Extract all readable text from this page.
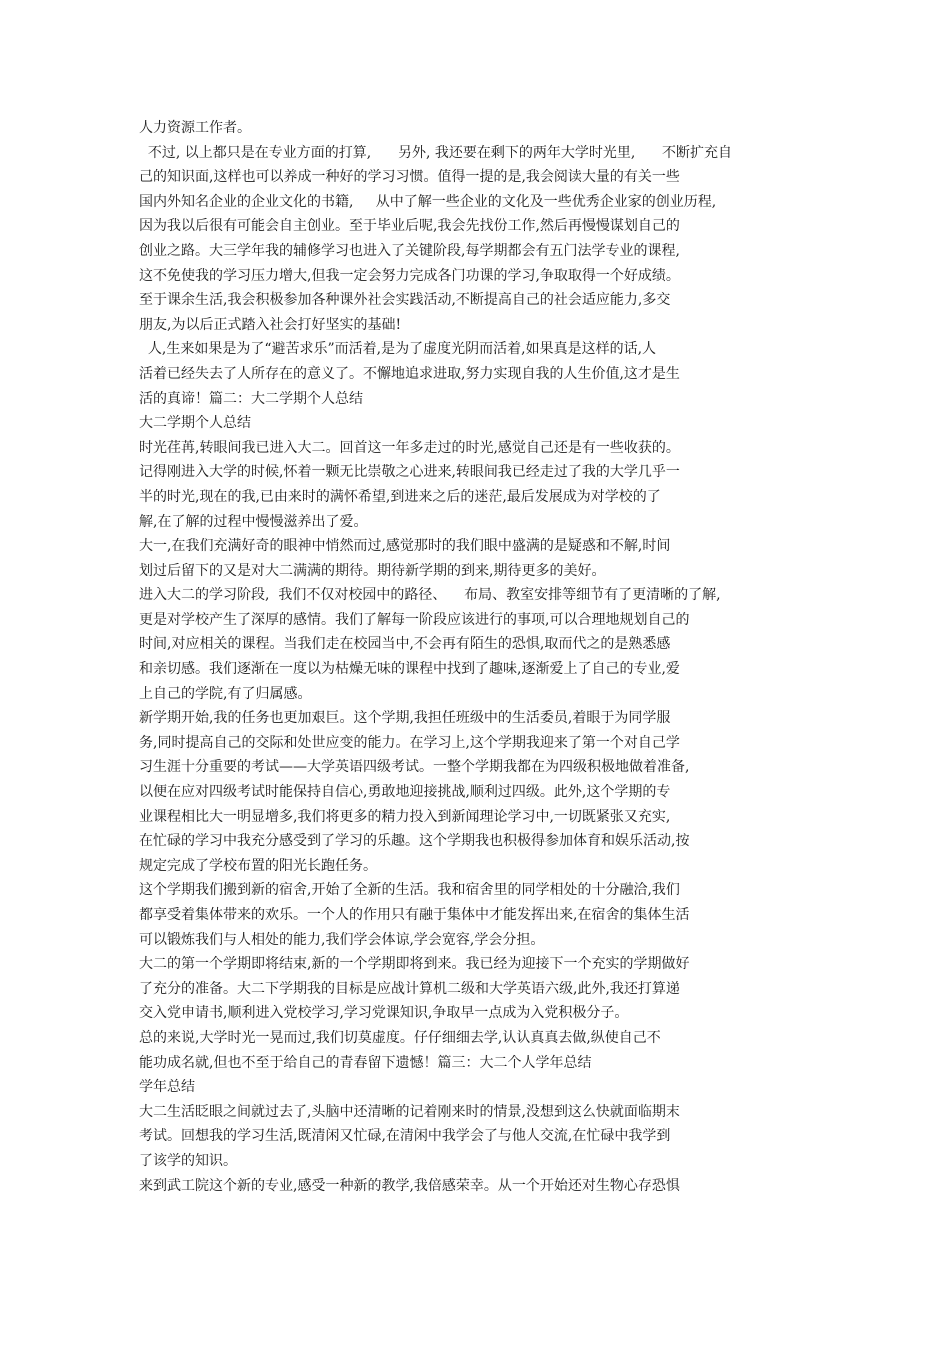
人力资源工作者。
不过, 以上都只是在专业方面的打算,      另外, 我还要在剩下的两年大学时光里,      不断扩充自
己的知识面,这样也可以养成一种好的学习习惯。值得一提的是,我会阅读大量的有关一些
国内外知名企业的企业文化的书籍,     从中了解一些企业的文化及一些优秀企业家的创业历程,
因为我以后很有可能会自主创业。至于毕业后呢,我会先找份工作,然后再慢慢谋划自己的
创业之路。大三学年我的辅修学习也进入了关键阶段,每学期都会有五门法学专业的课程,
这不免使我的学习压力增大,但我一定会努力完成各门功课的学习,争取取得一个好成绩。
至于课余生活,我会积极参加各种课外社会实践活动,不断提高自己的社会适应能力,多交
朋友,为以后正式踏入社会打好坚实的基础!
人,生来如果是为了“避苦求乐”而活着,是为了虚度光阴而活着,如果真是这样的话,人
活着已经失去了人所存在的意义了。不懈地追求进取,努力实现自我的人生价值,这才是生
活的真谛！篇二：大二学期个人总结
大二学期个人总结
时光荏苒,转眼间我已进入大二。回首这一年多走过的时光,感觉自己还是有一些收获的。
记得刚进入大学的时候,怀着一颗无比崇敬之心进来,转眼间我已经走过了我的大学几乎一
半的时光,现在的我,已由来时的满怀希望,到进来之后的迷茫,最后发展成为对学校的了
解,在了解的过程中慢慢滋养出了爱。
大一,在我们充满好奇的眼神中悄然而过,感觉那时的我们眼中盛满的是疑惑和不解,时间
划过后留下的又是对大二满满的期待。期待新学期的到来,期待更多的美好。
进入大二的学习阶段,  我们不仅对校园中的路径、    布局、教室安排等细节有了更清晰的了解,
更是对学校产生了深厚的感情。我们了解每一阶段应该进行的事项,可以合理地规划自己的
时间,对应相关的课程。当我们走在校园当中,不会再有陌生的恐惧,取而代之的是熟悉感
和亲切感。我们逐渐在一度以为枯燥无味的课程中找到了趣味,逐渐爱上了自己的专业,爱
上自己的学院,有了归属感。
新学期开始,我的任务也更加艰巨。这个学期,我担任班级中的生活委员,着眼于为同学服
务,同时提高自己的交际和处世应变的能力。在学习上,这个学期我迎来了第一个对自己学
习生涯十分重要的考试——大学英语四级考试。一整个学期我都在为四级积极地做着准备,
以便在应对四级考试时能保持自信心,勇敢地迎接挑战,顺利过四级。此外,这个学期的专
业课程相比大一明显增多,我们将更多的精力投入到新闻理论学习中,一切既紧张又充实,
在忙碌的学习中我充分感受到了学习的乐趣。这个学期我也积极得参加体育和娱乐活动,按
规定完成了学校布置的阳光长跑任务。
这个学期我们搬到新的宿舍,开始了全新的生活。我和宿舍里的同学相处的十分融洽,我们
都享受着集体带来的欢乐。一个人的作用只有融于集体中才能发挥出来,在宿舍的集体生活
可以锻炼我们与人相处的能力,我们学会体谅,学会宽容,学会分担。
大二的第一个学期即将结束,新的一个学期即将到来。我已经为迎接下一个充实的学期做好
了充分的准备。大二下学期我的目标是应战计算机二级和大学英语六级,此外,我还打算递
交入党申请书,顺利进入党校学习,学习党课知识,争取早一点成为入党积极分子。
总的来说,大学时光一晃而过,我们切莫虚度。仔仔细细去学,认认真真去做,纵使自己不
能功成名就,但也不至于给自己的青春留下遗憾！篇三：大二个人学年总结
学年总结
大二生活眨眼之间就过去了,头脑中还清晰的记着刚来时的情景,没想到这么快就面临期末
考试。回想我的学习生活,既清闲又忙碌,在清闲中我学会了与他人交流,在忙碌中我学到
了该学的知识。
来到武工院这个新的专业,感受一种新的教学,我倍感荣幸。从一个开始还对生物心存恐惧
